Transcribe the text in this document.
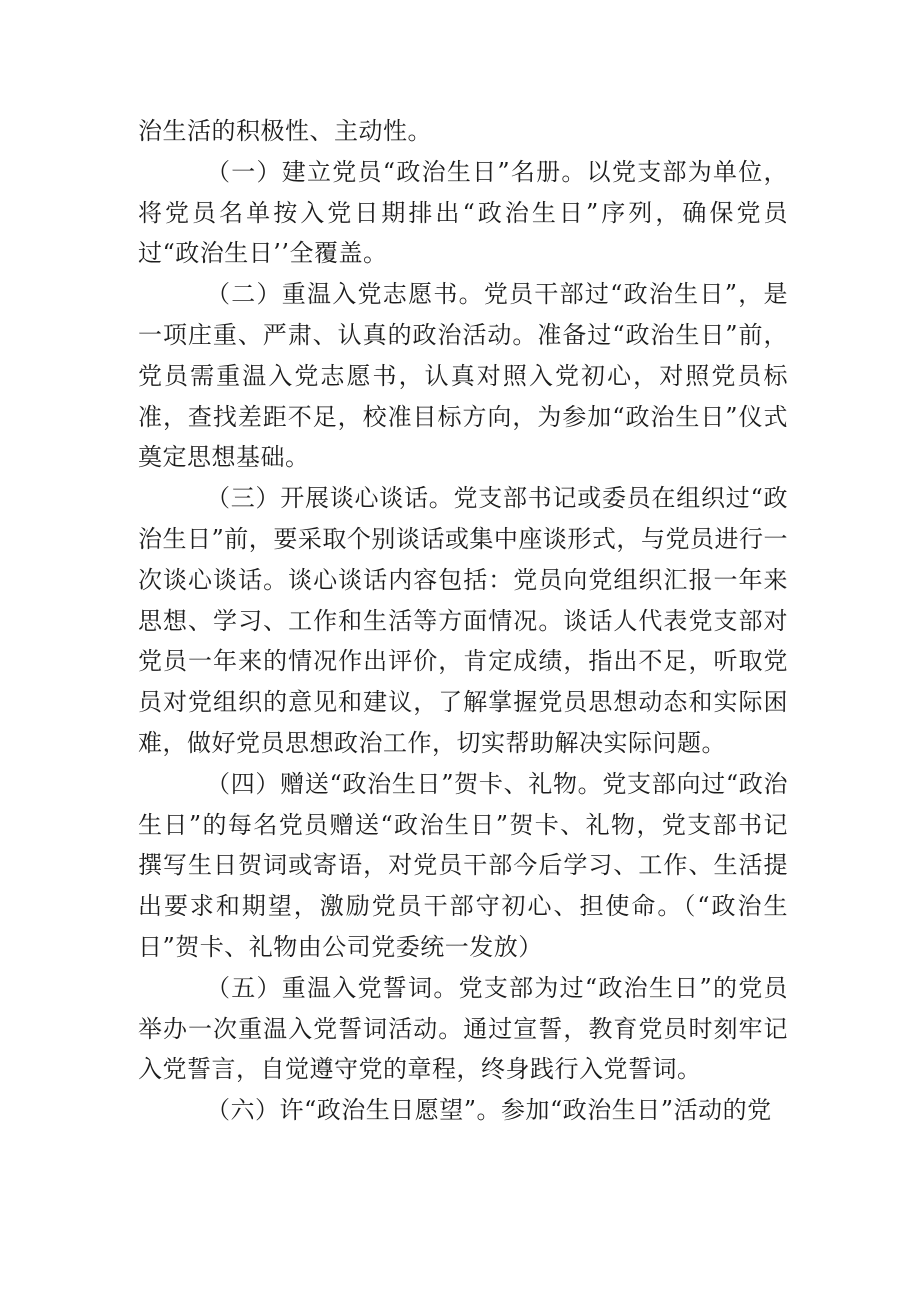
治生活的积极性、主动性。

（一）建立党员“政治生日”名册。以党支部为单位，将党员名单按入党日期排出“政治生日”序列，确保党员过“政治生日’’全覆盖。

（二）重温入党志愿书。党员干部过“政治生日”，是一项庄重、严肃、认真的政治活动。准备过“政治生日”前，党员需重温入党志愿书，认真对照入党初心，对照党员标准，查找差距不足，校准目标方向，为参加“政治生日”仪式奠定思想基础。

（三）开展谈心谈话。党支部书记或委员在组织过“政治生日”前，要采取个别谈话或集中座谈形式，与党员进行一次谈心谈话。谈心谈话内容包括：党员向党组织汇报一年来思想、学习、工作和生活等方面情况。谈话人代表党支部对党员一年来的情况作出评价，肯定成绩，指出不足，听取党员对党组织的意见和建议，了解掌握党员思想动态和实际困难，做好党员思想政治工作，切实帮助解决实际问题。

（四）赠送“政治生日”贺卡、礼物。党支部向过“政治生日”的每名党员赠送“政治生日”贺卡、礼物，党支部书记撰写生日贺词或寄语，对党员干部今后学习、工作、生活提出要求和期望，激励党员干部守初心、担使命。（“政治生日”贺卡、礼物由公司党委统一发放）

（五）重温入党誓词。党支部为过“政治生日”的党员举办一次重温入党誓词活动。通过宣誓，教育党员时刻牢记入党誓言，自觉遵守党的章程，终身践行入党誓词。

（六）许“政治生日愿望”。参加“政治生日”活动的党
